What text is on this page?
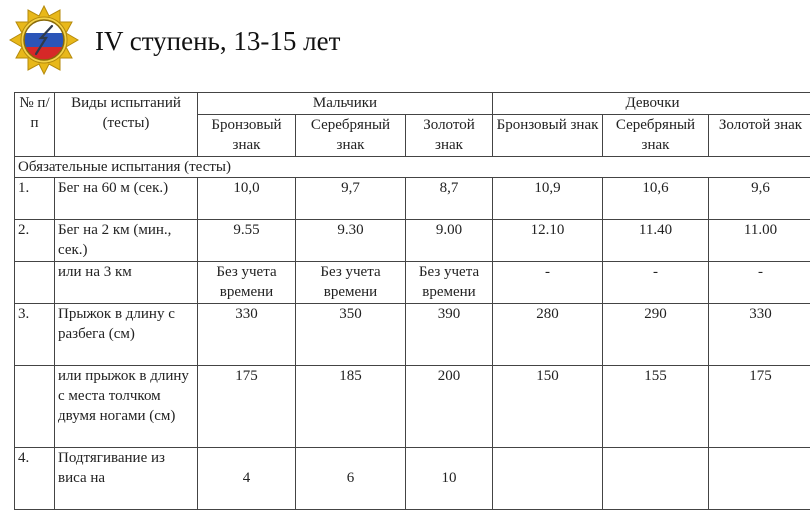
IV ступень, 13-15 лет
№ п/п	Виды испытаний (тесты)	Мальчики			Девочки		
		Бронзовый знак	Серебряный знак	Золотой знак	Бронзовый знак	Серебряный знак	Золотой знак
Обязательные испытания (тесты)							
1.	Бег на 60 м (сек.)	10,0	9,7	8,7	10,9	10,6	9,6
2.	Бег на 2 км (мин., сек.)	9.55	9.30	9.00	12.10	11.40	11.00
	или на 3 км	Без учета времени	Без учета времени	Без учета времени	-	-	-
3.	Прыжок в длину с разбега (см)	330	350	390	280	290	330
	или прыжок в длину с места толчком двумя ногами (см)	175	185	200	150	155	175
4.	Подтягивание из виса на	4	6	10			
